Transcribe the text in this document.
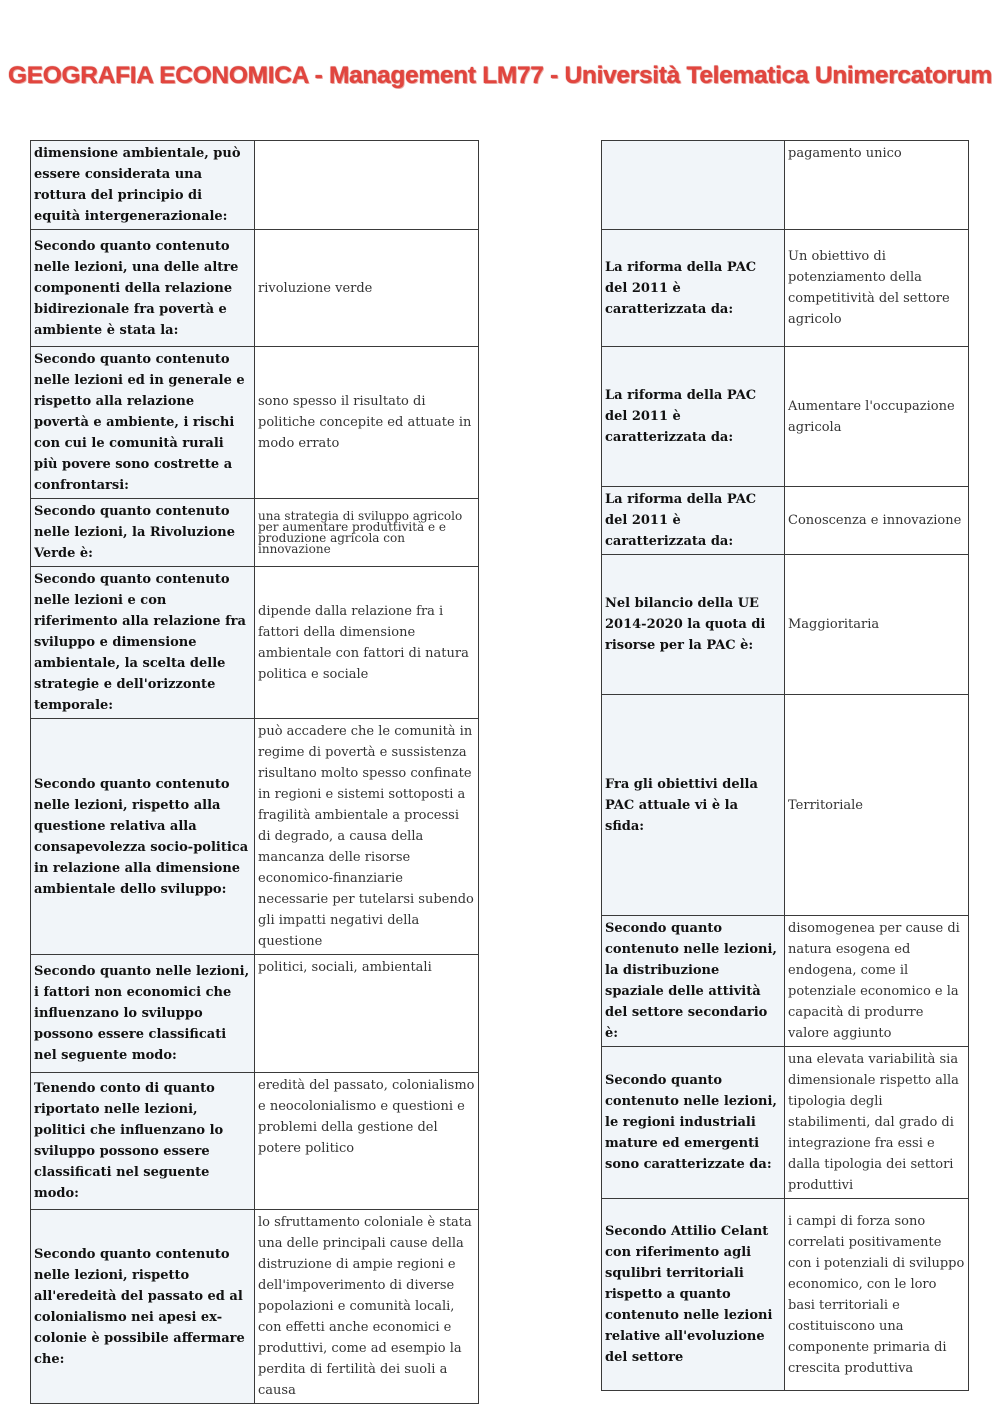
GEOGRAFIA ECONOMICA - Management LM77 - Università Telematica Unimercatorum
dimensione ambientale, può essere considerata una rottura del principio di equità intergenerazionale:	
Secondo quanto contenuto nelle lezioni, una delle altre componenti della relazione bidirezionale fra povertà e ambiente è stata la:	rivoluzione verde
Secondo quanto contenuto nelle lezioni ed in generale e rispetto alla relazione povertà e ambiente, i rischi con cui le comunità rurali più povere sono costrette a confrontarsi:	sono spesso il risultato di politiche concepite ed attuate in modo errato
Secondo quanto contenuto nelle lezioni, la Rivoluzione Verde è:	una strategia di sviluppo agricolo per aumentare produttività e e produzione agricola con innovazione
Secondo quanto contenuto nelle lezioni e con riferimento alla relazione fra sviluppo e dimensione ambientale, la scelta delle strategie e dell'orizzonte temporale:	dipende dalla relazione fra i fattori della dimensione ambientale con fattori di natura politica e sociale
Secondo quanto contenuto nelle lezioni, rispetto alla questione relativa alla consapevolezza socio-politica in relazione alla dimensione ambientale dello sviluppo:	può accadere che le comunità in regime di povertà e sussistenza risultano molto spesso confinate in regioni e sistemi sottoposti a fragilità ambientale a processi di degrado, a causa della mancanza delle risorse economico-finanziarie necessarie per tutelarsi subendo gli impatti negativi della questione
Secondo quanto nelle lezioni, i fattori non economici che influenzano lo sviluppo possono essere classificati nel seguente modo:	politici, sociali, ambientali
Tenendo conto di quanto riportato nelle lezioni, politici che influenzano lo sviluppo possono essere classificati nel seguente modo:	eredità del passato, colonialismo e neocolonialismo e questioni e problemi della gestione del potere politico
Secondo quanto contenuto nelle lezioni, rispetto all'eredeità del passato ed al colonialismo nei apesi ex-colonie è possibile affermare che:	lo sfruttamento coloniale è stata una delle principali cause della distruzione di ampie regioni e dell'impoverimento di diverse popolazioni e comunità locali, con effetti anche economici e produttivi, come ad esempio la perdita di fertilità dei suoli a causa
	pagamento unico
La riforma della PAC del 2011 è caratterizzata da:	Un obiettivo di potenziamento della competitività del settore agricolo
La riforma della PAC del 2011 è caratterizzata da:	Aumentare l'occupazione agricola
La riforma della PAC del 2011 è caratterizzata da:	Conoscenza e innovazione
Nel bilancio della UE 2014-2020 la quota di risorse per la PAC è:	Maggioritaria
Fra gli obiettivi della PAC attuale vi è la sfida:	Territoriale
Secondo quanto contenuto nelle lezioni, la distribuzione spaziale delle attività del settore secondario è:	disomogenea per cause di natura esogena ed endogena, come il potenziale economico e la capacità di produrre valore aggiunto
Secondo quanto contenuto nelle lezioni, le regioni industriali mature ed emergenti sono caratterizzate da:	una elevata variabilità sia dimensionale rispetto alla tipologia degli stabilimenti, dal grado di integrazione fra essi e dalla tipologia dei settori produttivi
Secondo Attilio Celant con riferimento agli squlibri territoriali rispetto a quanto contenuto nelle lezioni relative all'evoluzione del settore	i campi di forza sono correlati positivamente con i potenziali di sviluppo economico, con le loro basi territoriali e costituiscono una componente primaria di crescita produttiva
